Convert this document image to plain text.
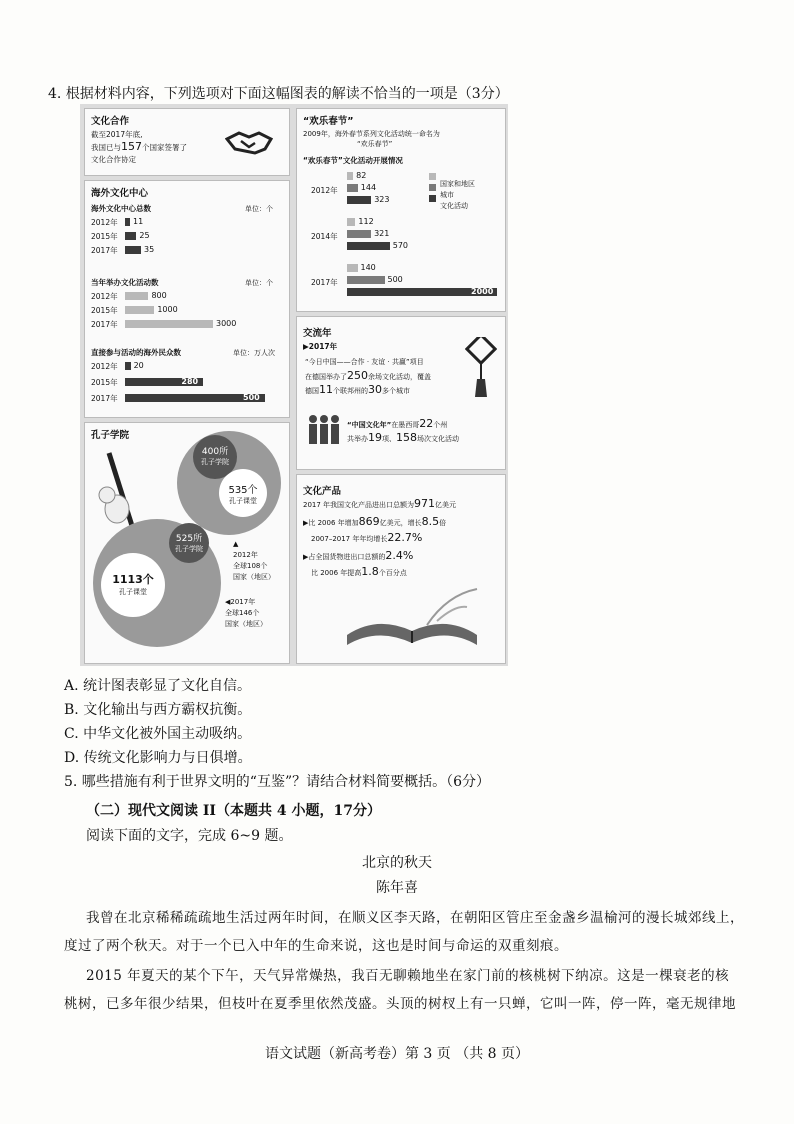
4. 根据材料内容，下列选项对下面这幅图表的解读不恰当的一项是（3分）
文化合作
截至2017年底,
我国已与157个国家签署了
文化合作协定
海外文化中心
海外文化中心总数	单位：个
2012年 11
2015年	25
2017年	35
当年举办文化活动数	单位：个
2012年	800
2015年	1000
2017年	3000
直接参与活动的海外民众数	单位：万人次
2012年 20
2015年	280
2017年	500
孔子学院
400所
孔子学院
535个
孔子课堂
525所
孔子学院
1113个
孔子课堂
▲
2012年
全球108个
国家（地区）
◀2017年
全球146个
国家（地区）
“欢乐春节”
2009年，海外春节系列文化活动统一命名为
“欢乐春节”
“欢乐春节”文化活动开展情况
国家和地区
城市
文化活动
2012年
82
144
323
2014年
112
321
570
2017年
140
500
2000
交流年
▶2017年
“今日中国——合作 · 友谊 · 共赢”项目
在德国举办了250余场文化活动，覆盖
德国11个联邦州的30多个城市
“中国文化年”在墨西哥22个州
共举办19项、158场次文化活动
文化产品
2017 年我国文化产品进出口总额为971亿美元
▶比 2006 年增加869亿美元，增长8.5倍
2007–2017 年年均增长22.7%
▶占全国货物进出口总额的2.4%
比 2006 年提高1.8个百分点
A. 统计图表彰显了文化自信。
B. 文化输出与西方霸权抗衡。
C. 中华文化被外国主动吸纳。
D. 传统文化影响力与日俱增。
5. 哪些措施有利于世界文明的“互鉴”？请结合材料简要概括。（6分）
（二）现代文阅读 II（本题共 4 小题，17分）
阅读下面的文字，完成 6~9 题。
北京的秋天
陈年喜
我曾在北京稀稀疏疏地生活过两年时间，在顺义区李天路，在朝阳区管庄至金盏乡温榆河的漫长城郊线上，
度过了两个秋天。对于一个已入中年的生命来说，这也是时间与命运的双重刻痕。
2015 年夏天的某个下午，天气异常燥热，我百无聊赖地坐在家门前的核桃树下纳凉。这是一棵衰老的核
桃树，已多年很少结果，但枝叶在夏季里依然茂盛。头顶的树杈上有一只蝉，它叫一阵，停一阵，毫无规律地
语文试题（新高考卷）第 3 页 （共 8 页）
